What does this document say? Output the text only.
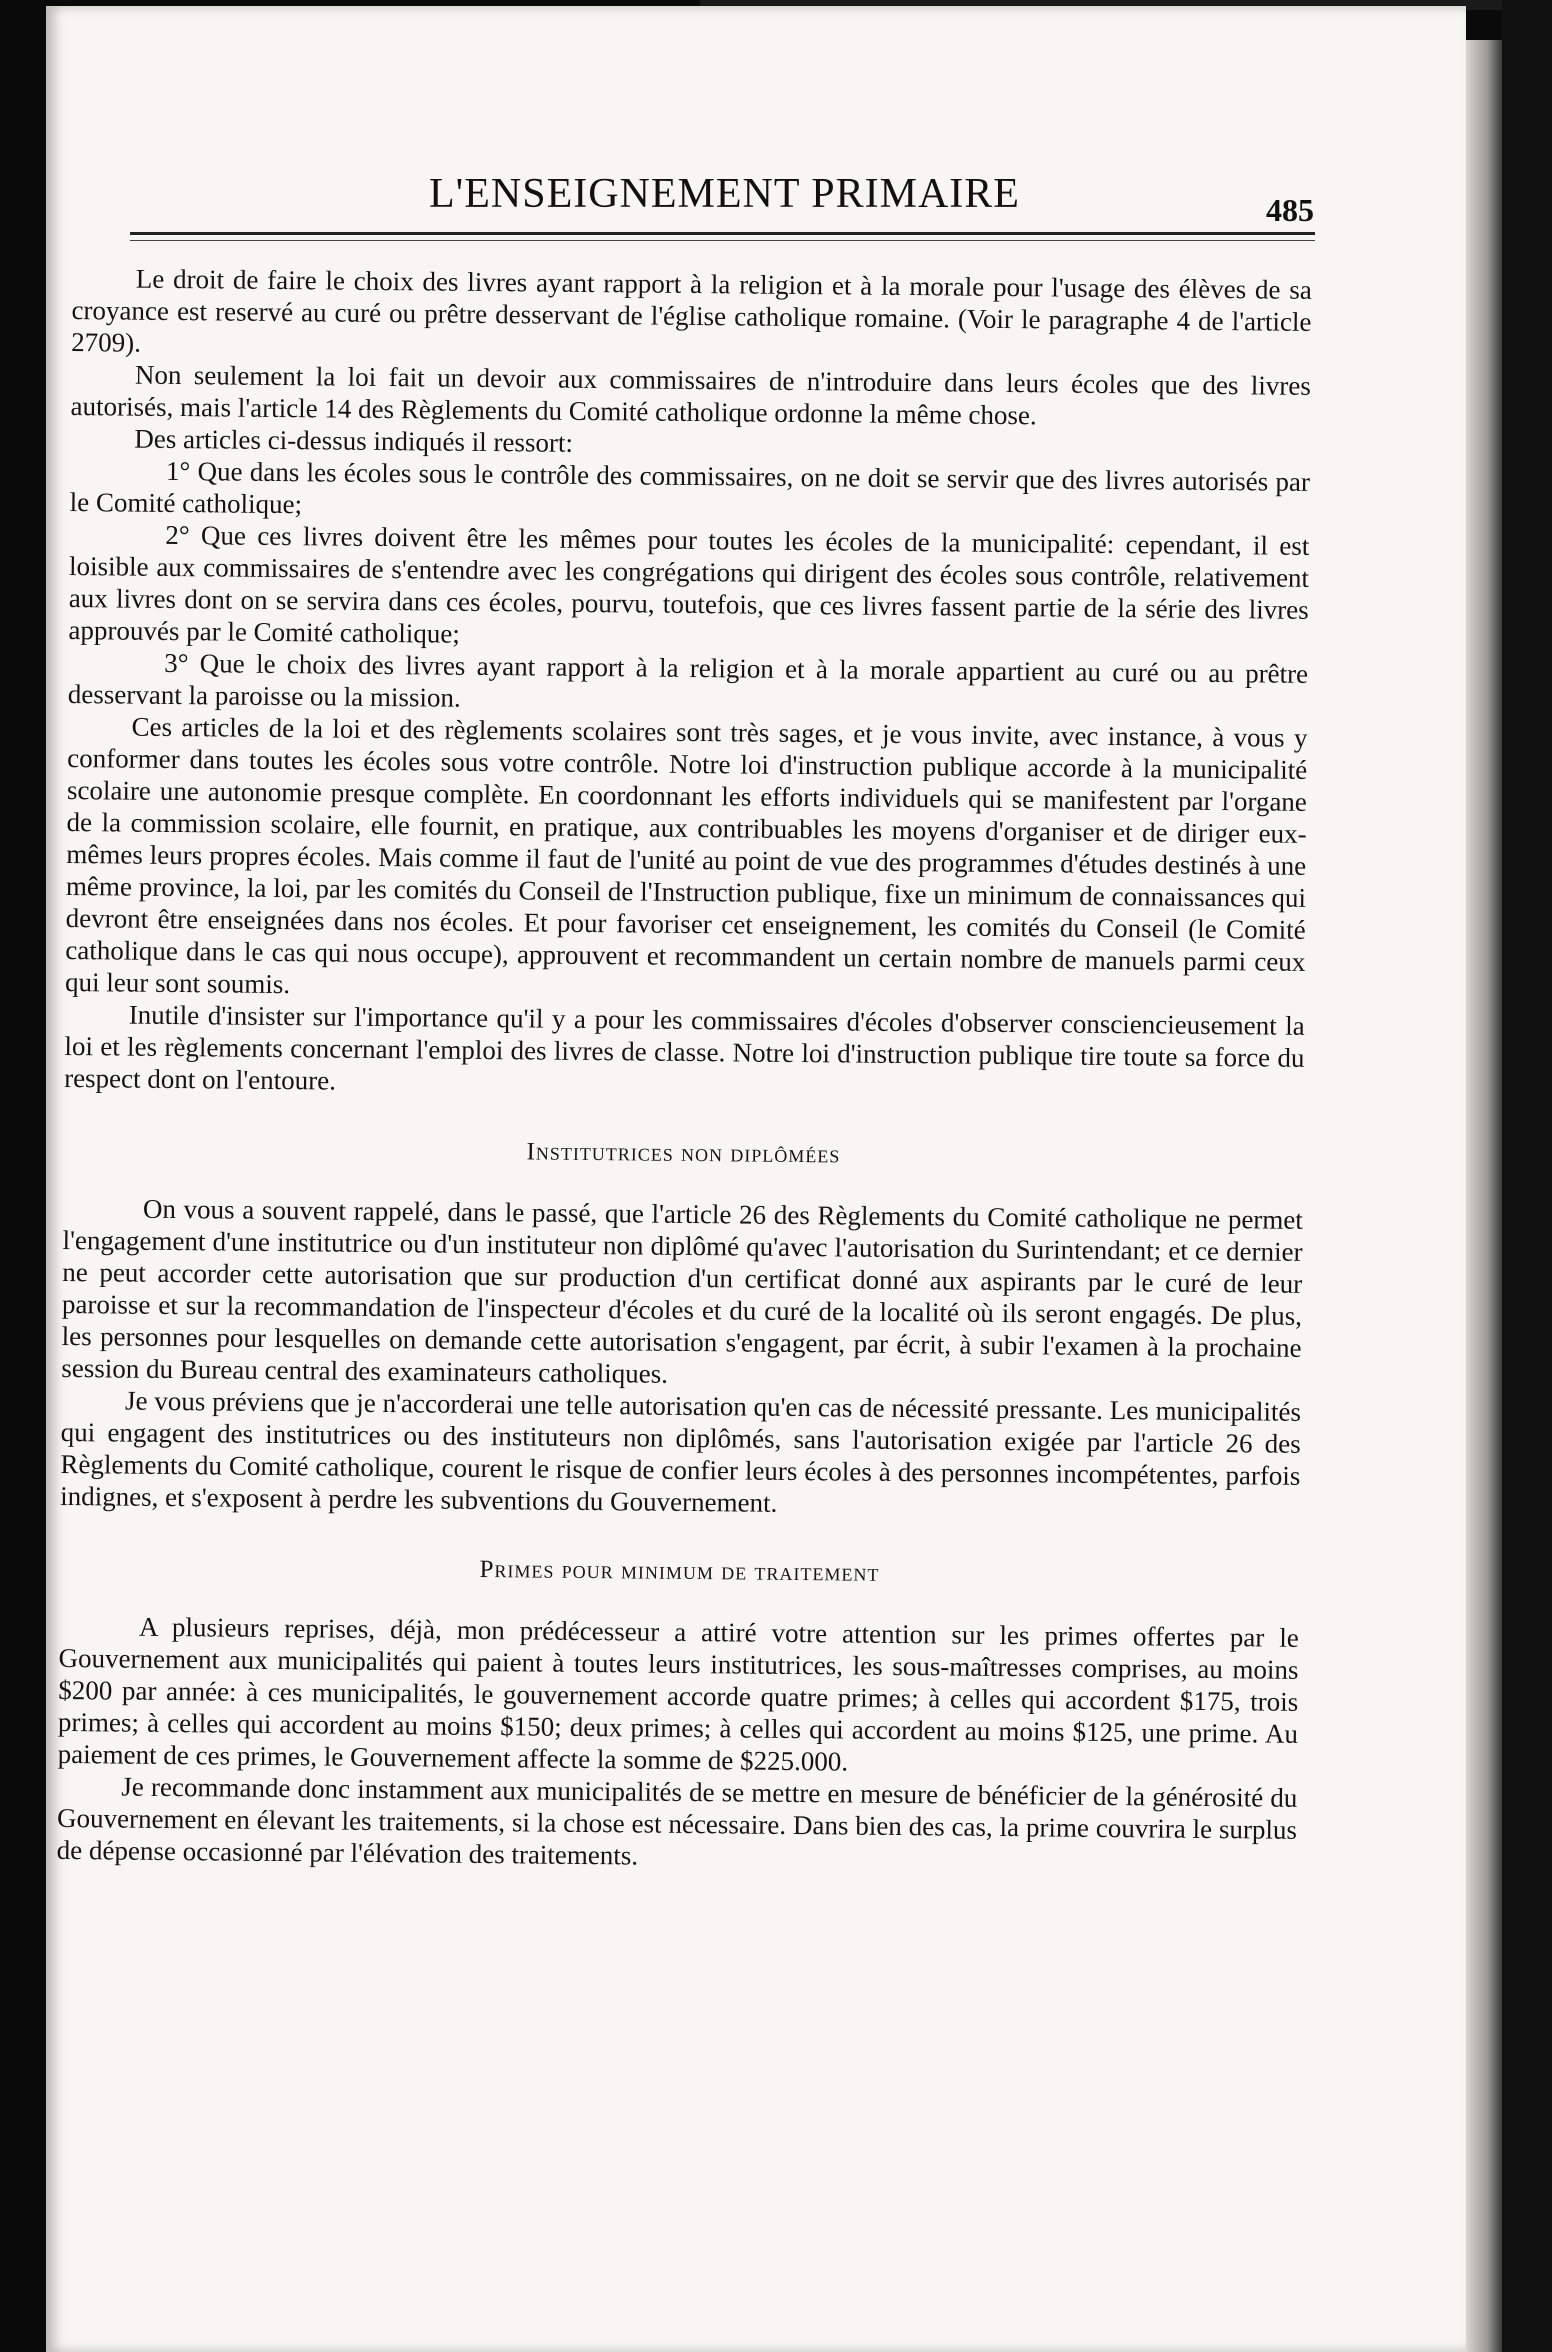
L'ENSEIGNEMENT PRIMAIRE	485

Le droit de faire le choix des livres ayant rapport à la religion et à la morale pour l'usage des élèves de sa croyance est reservé au curé ou prêtre desservant de l'église catholique romaine. (Voir le paragraphe 4 de l'article 2709).

Non seulement la loi fait un devoir aux commissaires de n'introduire dans leurs écoles que des livres autorisés, mais l'article 14 des Règlements du Comité catholique ordonne la même chose.

Des articles ci-dessus indiqués il ressort:

1° Que dans les écoles sous le contrôle des commissaires, on ne doit se servir que des livres autorisés par le Comité catholique;

2° Que ces livres doivent être les mêmes pour toutes les écoles de la municipalité: cependant, il est loisible aux commissaires de s'entendre avec les congrégations qui dirigent des écoles sous contrôle, relativement aux livres dont on se servira dans ces écoles, pourvu, toutefois, que ces livres fassent partie de la série des livres approuvés par le Comité catholique;

3° Que le choix des livres ayant rapport à la religion et à la morale appartient au curé ou au prêtre desservant la paroisse ou la mission.

Ces articles de la loi et des règlements scolaires sont très sages, et je vous invite, avec instance, à vous y conformer dans toutes les écoles sous votre contrôle. Notre loi d'instruction publique accorde à la municipalité scolaire une autonomie presque complète. En coordonnant les efforts individuels qui se manifestent par l'organe de la commission scolaire, elle fournit, en pratique, aux contribuables les moyens d'organiser et de diriger eux-mêmes leurs propres écoles. Mais comme il faut de l'unité au point de vue des programmes d'études destinés à une même province, la loi, par les comités du Conseil de l'Instruction publique, fixe un minimum de connaissances qui devront être enseignées dans nos écoles. Et pour favoriser cet enseignement, les comités du Conseil (le Comité catholique dans le cas qui nous occupe), approuvent et recommandent un certain nombre de manuels parmi ceux qui leur sont soumis.

Inutile d'insister sur l'importance qu'il y a pour les commissaires d'écoles d'observer consciencieusement la loi et les règlements concernant l'emploi des livres de classe. Notre loi d'instruction publique tire toute sa force du respect dont on l'entoure.

Institutrices non diplômées

On vous a souvent rappelé, dans le passé, que l'article 26 des Règlements du Comité catholique ne permet l'engagement d'une institutrice ou d'un instituteur non diplômé qu'avec l'autorisation du Surintendant; et ce dernier ne peut accorder cette autorisation que sur production d'un certificat donné aux aspirants par le curé de leur paroisse et sur la recommandation de l'inspecteur d'écoles et du curé de la localité où ils seront engagés. De plus, les personnes pour lesquelles on demande cette autorisation s'engagent, par écrit, à subir l'examen à la prochaine session du Bureau central des examinateurs catholiques.

Je vous préviens que je n'accorderai une telle autorisation qu'en cas de nécessité pressante. Les municipalités qui engagent des institutrices ou des instituteurs non diplômés, sans l'autorisation exigée par l'article 26 des Règlements du Comité catholique, courent le risque de confier leurs écoles à des personnes incompétentes, parfois indignes, et s'exposent à perdre les subventions du Gouvernement.

Primes pour minimum de traitement

A plusieurs reprises, déjà, mon prédécesseur a attiré votre attention sur les primes offertes par le Gouvernement aux municipalités qui paient à toutes leurs institutrices, les sous-maîtresses comprises, au moins $200 par année: à ces municipalités, le gouvernement accorde quatre primes; à celles qui accordent $175, trois primes; à celles qui accordent au moins $150; deux primes; à celles qui accordent au moins $125, une prime. Au paiement de ces primes, le Gouvernement affecte la somme de $225.000.

Je recommande donc instamment aux municipalités de se mettre en mesure de bénéficier de la générosité du Gouvernement en élevant les traitements, si la chose est nécessaire. Dans bien des cas, la prime couvrira le surplus de dépense occasionné par l'élévation des traitements.
